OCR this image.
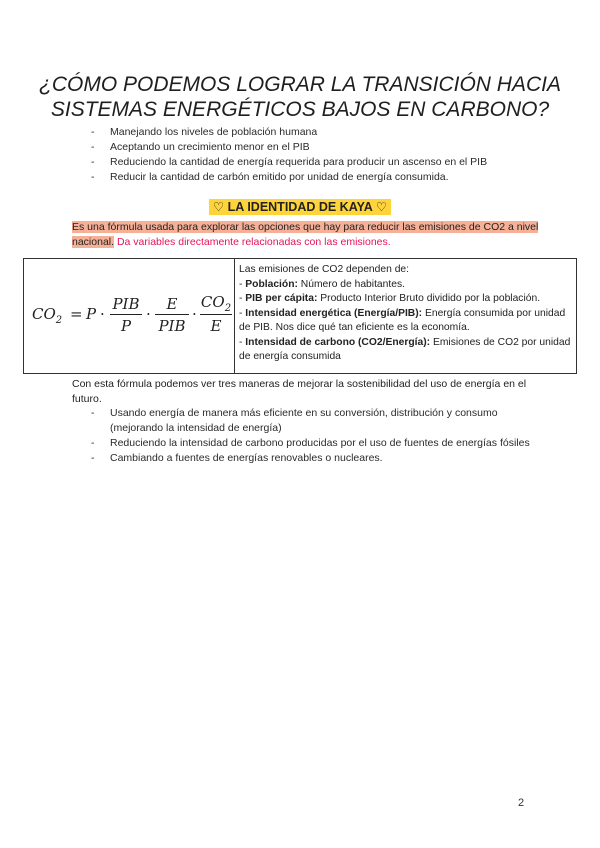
¿CÓMO PODEMOS LOGRAR LA TRANSICIÓN HACIA
SISTEMAS ENERGÉTICOS BAJOS EN CARBONO?
- Manejando los niveles de población humana
- Aceptando un crecimiento menor en el PIB
- Reduciendo la cantidad de energía requerida para producir un ascenso en el PIB
- Reducir la cantidad de carbón emitido por unidad de energía consumida.
♡ LA IDENTIDAD DE KAYA ♡
Es una fórmula usada para explorar las opciones que hay para reducir las emisiones de CO2 a nivel nacional. Da variables directamente relacionadas con las emisiones.
$CO_2 = P$ ·
PIB
P
·
E
PIB
·
$CO_2$
E

Las emisiones de CO2 dependen de:
- Población: Número de habitantes.
- PIB per cápita: Producto Interior Bruto dividido por la población.
- Intensidad energética (Energía/PIB): Energía consumida por unidad de PIB. Nos dice qué tan eficiente es la economía.
- Intensidad de carbono (CO2/Energía): Emisiones de CO2 por unidad de energía consumida
Con esta fórmula podemos ver tres maneras de mejorar la sostenibilidad del uso de energía en el futuro.
- Usando energía de manera más eficiente en su conversión, distribución y consumo (mejorando la intensidad de energía)
- Reduciendo la intensidad de carbono producidas por el uso de fuentes de energías fósiles
- Cambiando a fuentes de energías renovables o nucleares.
2
